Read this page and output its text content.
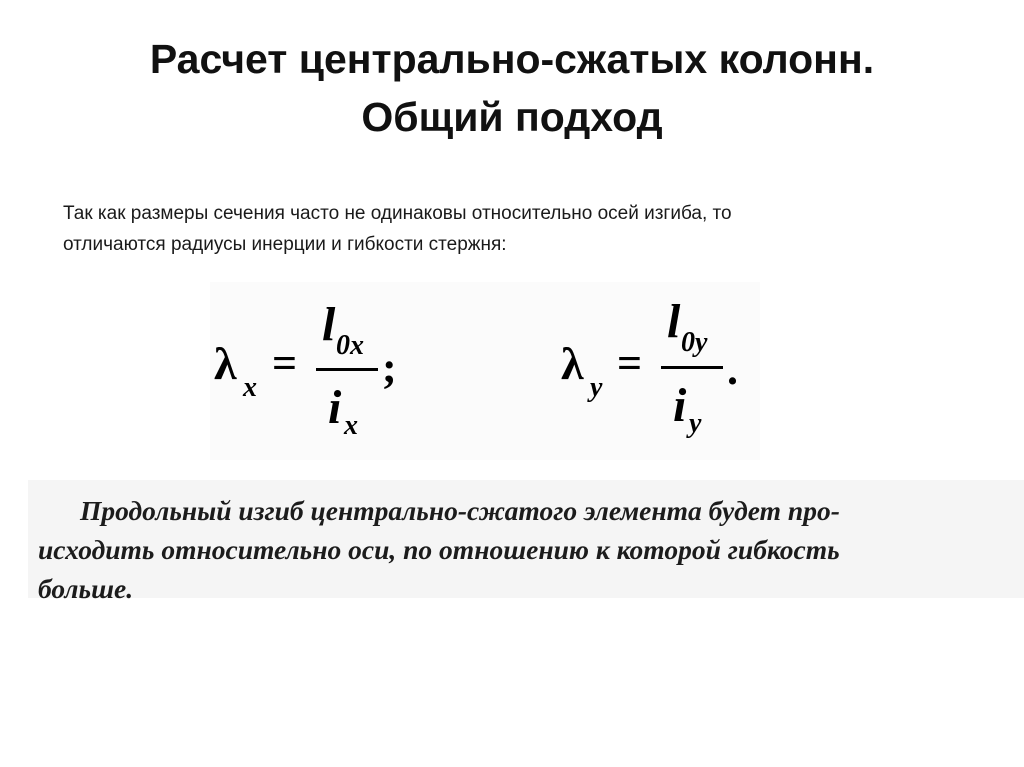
Расчет центрально-сжатых колонн.
Общий подход
Так как размеры сечения часто не одинаковы относительно осей изгиба, то
отличаются радиусы инерции и гибкости стержня:
λ x =
l 0x
i x
;	λ y =
l 0y
i y
.
Продольный изгиб центрально-сжатого элемента будет про-
исходить относительно оси, по отношению к которой гибкость
больше.
